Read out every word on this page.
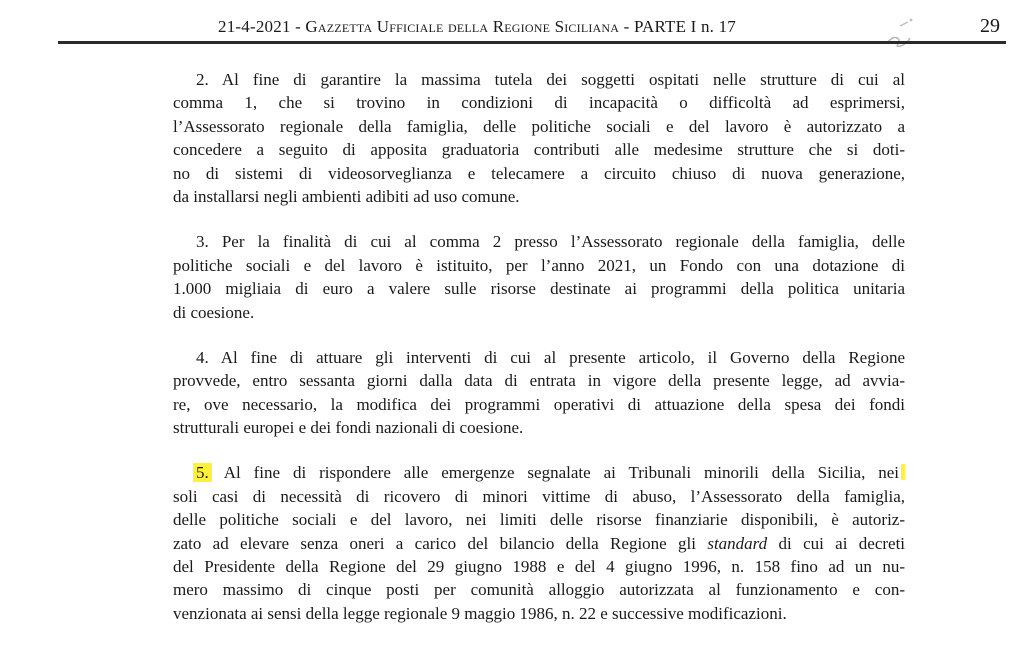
21-4-2021 - Gazzetta Ufficiale della Regione Siciliana - PARTE I n. 17	29
2. Al fine di garantire la massima tutela dei soggetti ospitati nelle strutture di cui al
comma 1, che si trovino in condizioni di incapacità o difficoltà ad esprimersi,
l’Assessorato regionale della famiglia, delle politiche sociali e del lavoro è autorizzato a
concedere a seguito di apposita graduatoria contributi alle medesime strutture che si doti-
no di sistemi di videosorveglianza e telecamere a circuito chiuso di nuova generazione,
da installarsi negli ambienti adibiti ad uso comune.
3. Per la finalità di cui al comma 2 presso l’Assessorato regionale della famiglia, delle
politiche sociali e del lavoro è istituito, per l’anno 2021, un Fondo con una dotazione di
1.000 migliaia di euro a valere sulle risorse destinate ai programmi della politica unitaria
di coesione.
4. Al fine di attuare gli interventi di cui al presente articolo, il Governo della Regione
provvede, entro sessanta giorni dalla data di entrata in vigore della presente legge, ad avvia-
re, ove necessario, la modifica dei programmi operativi di attuazione della spesa dei fondi
strutturali europei e dei fondi nazionali di coesione.
5. Al fine di rispondere alle emergenze segnalate ai Tribunali minorili della Sicilia, nei
soli casi di necessità di ricovero di minori vittime di abuso, l’Assessorato della famiglia,
delle politiche sociali e del lavoro, nei limiti delle risorse finanziarie disponibili, è autoriz-
zato ad elevare senza oneri a carico del bilancio della Regione gli standard di cui ai decreti
del Presidente della Regione del 29 giugno 1988 e del 4 giugno 1996, n. 158 fino ad un nu-
mero massimo di cinque posti per comunità alloggio autorizzata al funzionamento e con-
venzionata ai sensi della legge regionale 9 maggio 1986, n. 22 e successive modificazioni.
